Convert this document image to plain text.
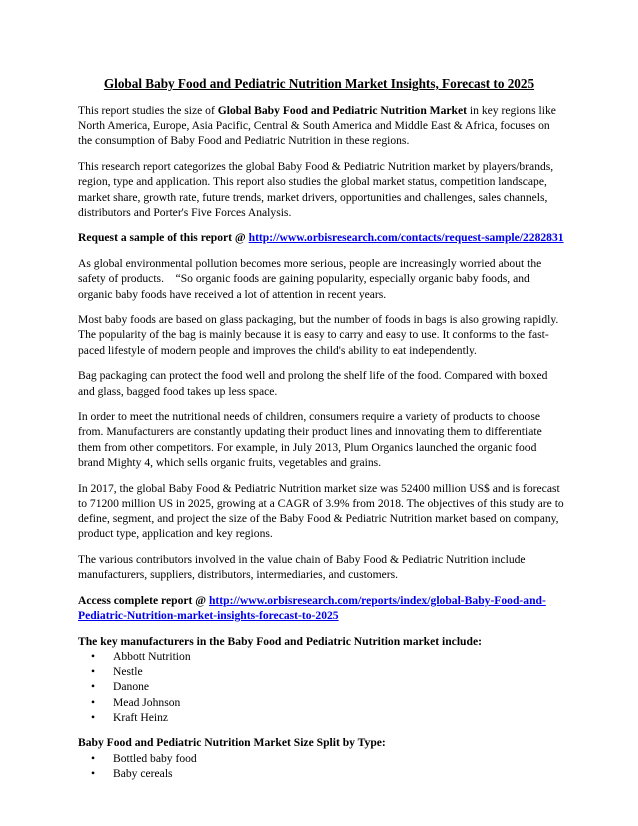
Global Baby Food and Pediatric Nutrition Market Insights, Forecast to 2025

This report studies the size of Global Baby Food and Pediatric Nutrition Market in key regions like North America, Europe, Asia Pacific, Central & South America and Middle East & Africa, focuses on the consumption of Baby Food and Pediatric Nutrition in these regions.

This research report categorizes the global Baby Food & Pediatric Nutrition market by players/brands, region, type and application. This report also studies the global market status, competition landscape, market share, growth rate, future trends, market drivers, opportunities and challenges, sales channels, distributors and Porter's Five Forces Analysis.

Request a sample of this report @ http://www.orbisresearch.com/contacts/request-sample/2282831

As global environmental pollution becomes more serious, people are increasingly worried about the safety of products.　“So organic foods are gaining popularity, especially organic baby foods, and organic baby foods have received a lot of attention in recent years.

Most baby foods are based on glass packaging, but the number of foods in bags is also growing rapidly. The popularity of the bag is mainly because it is easy to carry and easy to use. It conforms to the fast-paced lifestyle of modern people and improves the child's ability to eat independently.

Bag packaging can protect the food well and prolong the shelf life of the food. Compared with boxed and glass, bagged food takes up less space.

In order to meet the nutritional needs of children, consumers require a variety of products to choose from. Manufacturers are constantly updating their product lines and innovating them to differentiate them from other competitors. For example, in July 2013, Plum Organics launched the organic food brand Mighty 4, which sells organic fruits, vegetables and grains.

In 2017, the global Baby Food & Pediatric Nutrition market size was 52400 million US$ and is forecast to 71200 million US in 2025, growing at a CAGR of 3.9% from 2018. The objectives of this study are to define, segment, and project the size of the Baby Food & Pediatric Nutrition market based on company, product type, application and key regions.

The various contributors involved in the value chain of Baby Food & Pediatric Nutrition include manufacturers, suppliers, distributors, intermediaries, and customers.

Access complete report @ http://www.orbisresearch.com/reports/index/global-Baby-Food-and-Pediatric-Nutrition-market-insights-forecast-to-2025

The key manufacturers in the Baby Food and Pediatric Nutrition market include:

• Abbott Nutrition
• Nestle
• Danone
• Mead Johnson
• Kraft Heinz

Baby Food and Pediatric Nutrition Market Size Split by Type:

• Bottled baby food
• Baby cereals
